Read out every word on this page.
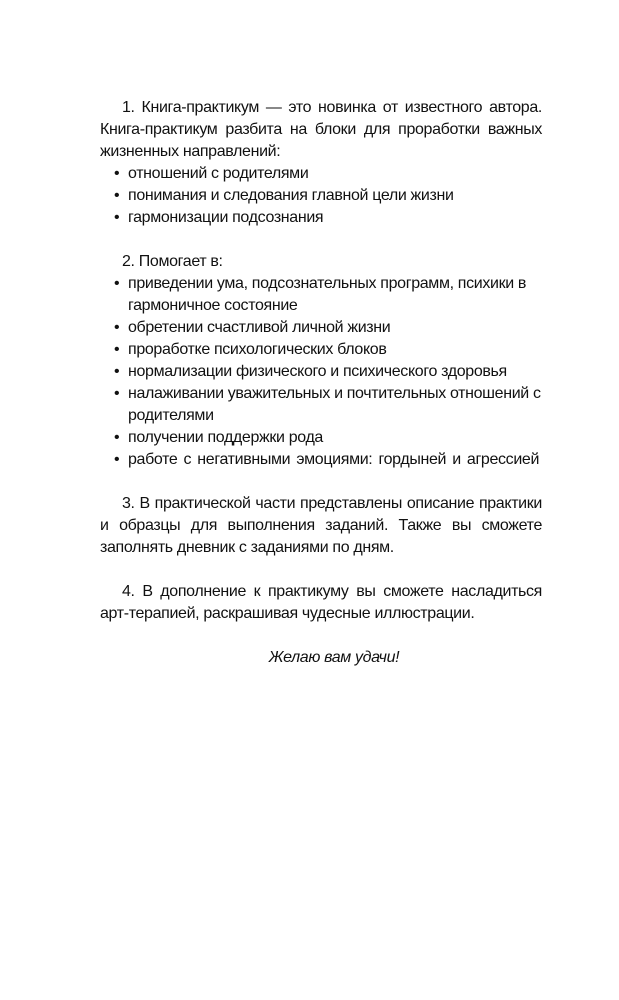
1. Книга-практикум — это новинка от известного автора. Книга-практикум разбита на блоки для проработки важных жизненных направлений:

• отношений с родителями
• понимания и следования главной цели жизни
• гармонизации подсознания

2. Помогает в:

• приведении ума, подсознательных программ, психики в гармоничное состояние
• обретении счастливой личной жизни
• проработке психологических блоков
• нормализации физического и психического здоровья
• налаживании уважительных и почтительных отношений с родителями
• получении поддержки рода
• работе с негативными эмоциями: гордыней и агрессией

3. В практической части представлены описание практики и образцы для выполнения заданий. Также вы сможете заполнять дневник с заданиями по дням.

4. В дополнение к практикуму вы сможете насладиться арт-терапией, раскрашивая чудесные иллюстрации.

Желаю вам удачи!
